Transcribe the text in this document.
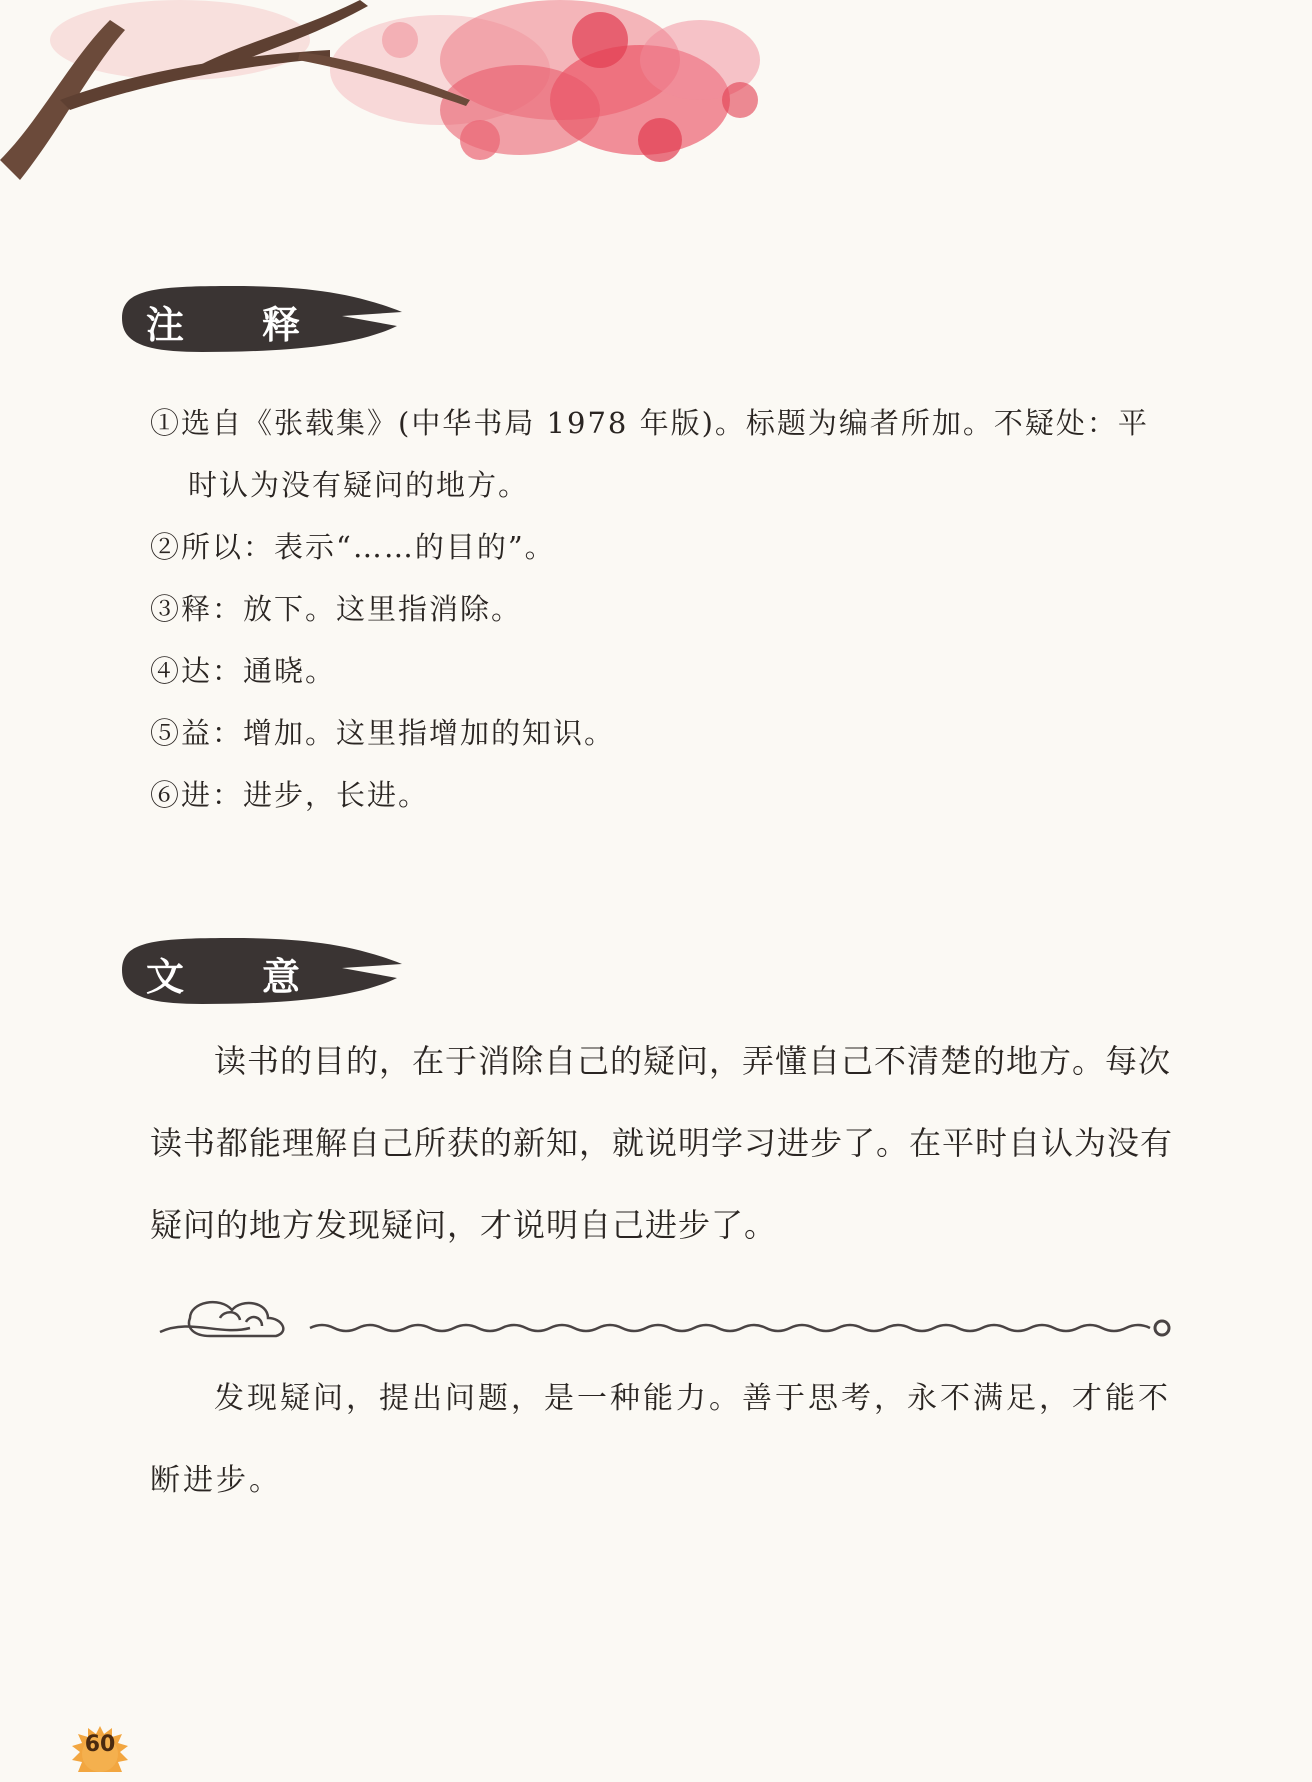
注 释
①选自《张载集》(中华书局 1978 年版)。标题为编者所加。不疑处：平
时认为没有疑问的地方。
②所以：表示“……的目的”。
③释：放下。这里指消除。
④达：通晓。
⑤益：增加。这里指增加的知识。
⑥进：进步，长进。
文 意

读书的目的，在于消除自己的疑问，弄懂自己不清楚的地方。每次读书都能理解自己所获的新知，就说明学习进步了。在平时自认为没有疑问的地方发现疑问，才说明自己进步了。

发现疑问，提出问题，是一种能力。善于思考，永不满足，才能不断进步。

60
